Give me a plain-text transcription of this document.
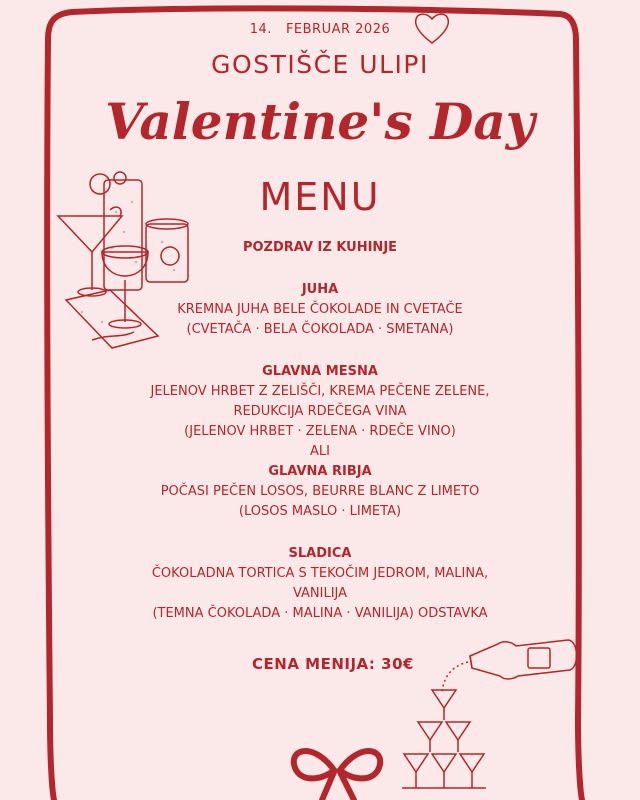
14. FEBRUAR 2026
GOSTIŠČE ULIPI
Valentine's Day
MENU
POZDRAV IZ KUHINJE
JUHA
KREMNA JUHA BELE ČOKOLADE IN CVETAČE
(CVETAČA · BELA ČOKOLADA · SMETANA)
GLAVNA MESNA
JELENOV HRBET Z ZELIŠČI, KREMA PEČENE ZELENE,
REDUKCIJA RDEČEGA VINA
(JELENOV HRBET · ZELENA · RDEČE VINO)
ALI
GLAVNA RIBJA
POČASI PEČEN LOSOS, BEURRE BLANC Z LIMETO
(LOSOS MASLO · LIMETA)
SLADICA
ČOKOLADNA TORTICA S TEKOČIM JEDROM, MALINA,
VANILIJA
(TEMNA ČOKOLADA · MALINA · VANILIJA) ODSTAVKA
CENA MENIJA: 30€
